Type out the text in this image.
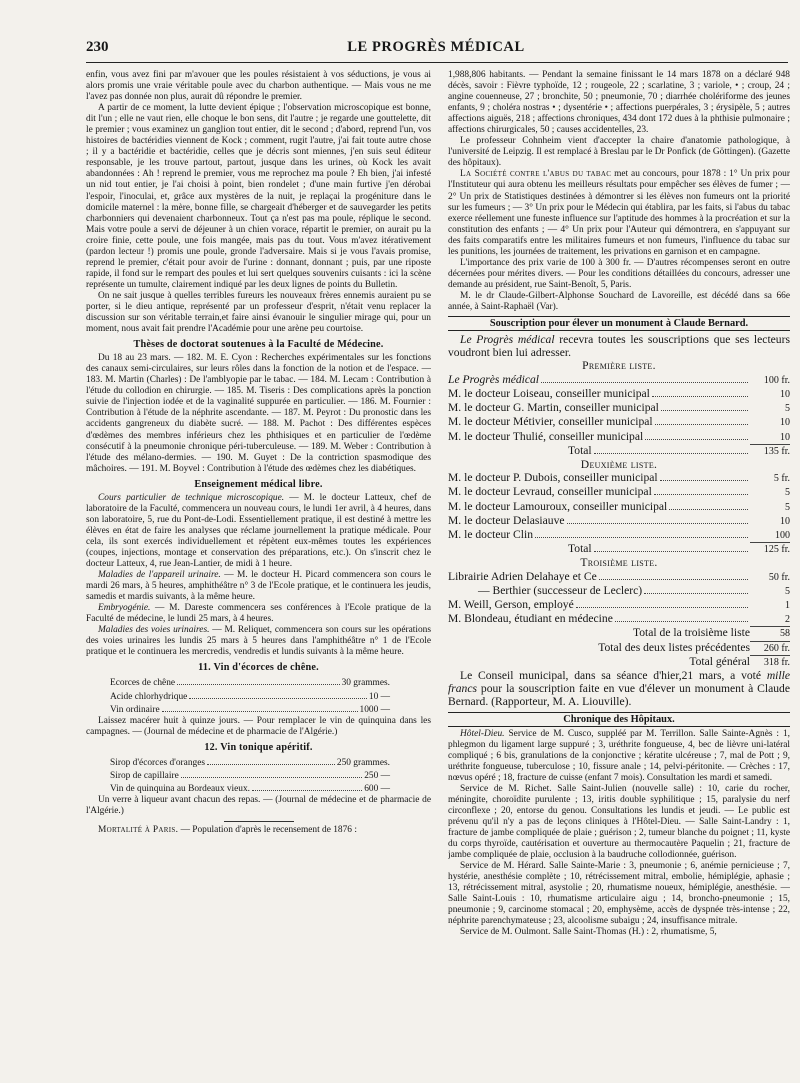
230	LE PROGRÈS MÉDICAL

enfin, vous avez fini par m'avouer que les poules résistaient à vos séductions, je vous ai alors promis une vraie véritable poule avec du charbon authentique. — Mais vous ne me l'avez pas donnée non plus, aurait dû répondre le premier.

A partir de ce moment, la lutte devient épique ; l'observation microscopique est bonne, dit l'un ; elle ne vaut rien, elle choque le bon sens, dit l'autre ; je regarde une gouttelette, dit le premier ; vous examinez un ganglion tout entier, dit le second ; d'abord, reprend l'un, vos histoires de bactéridies viennent de Kock ; comment, rugit l'autre, j'ai fait toute autre chose ; il y a bactéridie et bactéridie, celles que je décris sont miennes, j'en suis seul éditeur responsable, je les trouve partout, partout, jusque dans les urines, où Kock les avait abandonnées : Ah ! reprend le premier, vous me reprochez ma poule ? Eh bien, j'ai infesté un nid tout entier, je l'ai choisi à point, bien rondelet ; d'une main furtive j'en dérobai l'espoir, l'inoculai, et, grâce aux mystères de la nuit, je replaçai la progéniture dans le domicile maternel : la mère, bonne fille, se chargeait d'héberger et de sauvegarder les petits charbonniers qui devenaient charbonneux. Tout ça n'est pas ma poule, réplique le second. Mais votre poule a servi de déjeuner à un chien vorace, répartit le premier, on aurait pu la croire finie, cette poule, une fois mangée, mais pas du tout. Vous m'avez itérativement (pardon lecteur !) promis une poule, gronde l'adversaire. Mais si je vous l'avais promise, reprend le premier, c'était pour avoir de l'urine : donnant, donnant ; puis, par une riposte rapide, il fond sur le rempart des poules et lui sert quelques souvenirs cuisants : ici la scène représente un tumulte, clairement indiqué par les deux lignes de points du Bulletin.

On ne sait jusque à quelles terribles fureurs les nouveaux frères ennemis auraient pu se porter, si le dieu antique, représenté par un professeur d'esprit, n'était venu replacer la discussion sur son véritable terrain,et faire ainsi évanouir le singulier mirage qui, pour un moment, nous avait fait prendre l'Académie pour une arène peu courtoise.

Thèses de doctorat soutenues à la Faculté de Médecine.

Du 18 au 23 mars. — 182. M. E. Cyon : Recherches expérimentales sur les fonctions des canaux semi-circulaires, sur leurs rôles dans la fonction de la notion et de l'espace. — 183. M. Martin (Charles) : De l'amblyopie par le tabac. — 184. M. Lecam : Contribution à l'étude du collodion en chirurgie. — 185. M. Tiseris : Des complications après la ponction suivie de l'injection iodée et de la vaginalité suppurée en particulier. — 186. M. Fournier : Contribution à l'étude de la néphrite ascendante. — 187. M. Peyrot : Du pronostic dans les accidents gangreneux du diabète sucré. — 188. M. Pachot : Des différentes espèces d'œdèmes des membres inférieurs chez les phthisiques et en particulier de l'œdème consécutif à la pneumonie chronique péri-tuberculeuse. — 189. M. Weber : Contribution à l'étude des mélano-dermies. — 190. M. Guyet : De la contriction spasmodique des mâchoires. — 191. M. Boyvel : Contribution à l'étude des œdèmes chez les diabétiques.

Enseignement médical libre.

Cours particulier de technique microscopique. — M. le docteur Latteux, chef de laboratoire de la Faculté, commencera un nouveau cours, le lundi 1er avril, à 4 heures, dans son laboratoire, 5, rue du Pont-de-Lodi. Essentiellement pratique, il est destiné à mettre les élèves en état de faire les analyses que réclame journellement la pratique médicale. Pour cela, ils sont exercés individuellement et répètent eux-mêmes toutes les expériences (coupes, injections, montage et conservation des préparations, etc.). On s'inscrit chez le docteur Latteux, 4, rue Jean-Lantier, de midi à 1 heure.

Maladies de l'appareil urinaire. — M. le docteur H. Picard commencera son cours le mardi 26 mars, à 5 heures, amphithéâtre n° 3 de l'Ecole pratique, et le continuera les jeudis, samedis et mardis suivants, à la même heure.

Embryogénie. — M. Dareste commencera ses conférences à l'Ecole pratique de la Faculté de médecine, le lundi 25 mars, à 4 heures.

Maladies des voies urinaires. — M. Reliquet, commencera son cours sur les opérations des voies urinaires les lundis 25 mars à 5 heures dans l'amphithéâtre n° 1 de l'Ecole pratique et le continuera les mercredis, vendredis et lundis suivants à la même heure.

11. Vin d'écorces de chêne.
Ecorces de chêne	30 grammes.
Acide chlorhydrique	10 —
Vin ordinaire	1000 —

Laissez macérer huit à quinze jours. — Pour remplacer le vin de quinquina dans les campagnes. — (Journal de médecine et de pharmacie de l'Algérie.)

12. Vin tonique apéritif.
Sirop d'écorces d'oranges	250 grammes.
Sirop de capillaire	250 —
Vin de quinquina au Bordeaux vieux.	600 —

Un verre à liqueur avant chacun des repas. — (Journal de médecine et de pharmacie de l'Algérie.)

Mortalité à Paris. — Population d'après le recensement de 1876 :

1,988,806 habitants. — Pendant la semaine finissant le 14 mars 1878 on a déclaré 948 décès, savoir : Fièvre typhoïde, 12 ; rougeole, 22 ; scarlatine, 3 ; variole, • ; croup, 24 ; angine couenneuse, 27 ; bronchite, 50 ; pneumonie, 70 ; diarrhée cholériforme des jeunes enfants, 9 ; choléra nostras • ; dysentérie • ; affections puerpérales, 3 ; érysipèle, 5 ; autres affections aiguës, 218 ; affections chroniques, 434 dont 172 dues à la phthisie pulmonaire ; affections chirurgicales, 50 ; causes accidentelles, 23.

Le professeur Cohnheim vient d'accepter la chaire d'anatomie pathologique, à l'université de Leipzig. Il est remplacé à Breslau par le Dr Ponfick (de Göttingen). (Gazette des hôpitaux).

La Société contre l'abus du tabac met au concours, pour 1878 : 1° Un prix pour l'Instituteur qui aura obtenu les meilleurs résultats pour empêcher ses élèves de fumer ; — 2° Un prix de Statistiques destinées à démontrer si les élèves non fumeurs ont la priorité sur les fumeurs ; — 3° Un prix pour le Médecin qui établira, par les faits, si l'abus du tabac exerce réellement une funeste influence sur l'aptitude des hommes à la procréation et sur la constitution des enfants ; — 4° Un prix pour l'Auteur qui démontrera, en s'appuyant sur des faits comparatifs entre les militaires fumeurs et non fumeurs, l'influence du tabac sur les punitions, les journées de traitement, les privations en garnison et en campagne.

L'importance des prix varie de 100 à 300 fr. — D'autres récompenses seront en outre décernées pour mérites divers. — Pour les conditions détaillées du concours, adresser une demande au président, rue Saint-Benoît, 5, Paris.

M. le dr Claude-Gilbert-Alphonse Souchard de Lavoreille, est décédé dans sa 66e année, à Saint-Raphaël (Var).

Souscription pour élever un monument à Claude Bernard.

Le Progrès médical recevra toutes les souscriptions que ses lecteurs voudront bien lui adresser.

Première liste.
Le Progrès médical	100 fr.
M. le docteur Loiseau, conseiller municipal	10
M. le docteur G. Martin, conseiller municipal	5
M. le docteur Métivier, conseiller municipal	10
M. le docteur Thulié, conseiller municipal	10
Total	135 fr.
Deuxième liste.
M. le docteur P. Dubois, conseiller municipal	5 fr.
M. le docteur Levraud, conseiller municipal	5
M. le docteur Lamouroux, conseiller municipal	5
M. le docteur Delasiauve	10
M. le docteur Clin	100
Total	125 fr.
Troisième liste.
Librairie Adrien Delahaye et Ce	50 fr.
— Berthier (successeur de Leclerc)	5
M. Weill, Gerson, employé	1
M. Blondeau, étudiant en médecine	2
Total de la troisième liste	58
Total des deux listes précédentes	260 fr.
Total général	318 fr.

Le Conseil municipal, dans sa séance d'hier,21 mars, a voté mille francs pour la souscription faite en vue d'élever un monument à Claude Bernard. (Rapporteur, M. A. Liouville).

Chronique des Hôpitaux.

Hôtel-Dieu. Service de M. Cusco, suppléé par M. Terrillon. Salle Sainte-Agnès : 1, phlegmon du ligament large suppuré ; 3, uréthrite fongueuse, 4, bec de lièvre uni-latéral compliqué ; 6 bis, granulations de la conjonctive ; kératite ulcéreuse ; 7, mal de Pott ; 9, uréthrite fongueuse, tuberculose ; 10, fissure anale ; 14, pelvi-péritonite. — Crèches : 17, nœvus opéré ; 18, fracture de cuisse (enfant 7 mois). Consultation les mardi et samedi.

Service de M. Richet. Salle Saint-Julien (nouvelle salle) : 10, carie du rocher, méningite, choroïdite purulente ; 13, iritis double syphilitique ; 15, paralysie du nerf circonflexe ; 20, entorse du genou. Consultations les lundis et jeudi. — Le public est prévenu qu'il n'y a pas de leçons cliniques à l'Hôtel-Dieu. — Salle Saint-Landry : 1, fracture de jambe compliquée de plaie ; guérison ; 2, tumeur blanche du poignet ; 11, kyste du corps thyroïde, cautérisation et ouverture au thermocautère Paquelin ; 21, fracture de jambe compliquée de plaie, occlusion à la baudruche collodionnée, guérison.

Service de M. Hérard. Salle Sainte-Marie : 3, pneumonie ; 6, anémie pernicieuse ; 7, hystérie, anesthésie complète ; 10, rétrécissement mitral, embolie, hémiplégie, aphasie ; 13, rétrécissement mitral, asystolie ; 20, rhumatisme noueux, hémiplégie, anesthésie. — Salle Saint-Louis : 10, rhumatisme articulaire aigu ; 14, broncho-pneumonie ; 15, pneumonie ; 9, carcinome stomacal ; 20, emphysème, accès de dyspnée très-intense ; 22, néphrite parenchymateuse ; 23, alcoolisme subaigu ; 24, insuffisance mitrale.

Service de M. Oulmont. Salle Saint-Thomas (H.) : 2, rhumatisme, 5,
